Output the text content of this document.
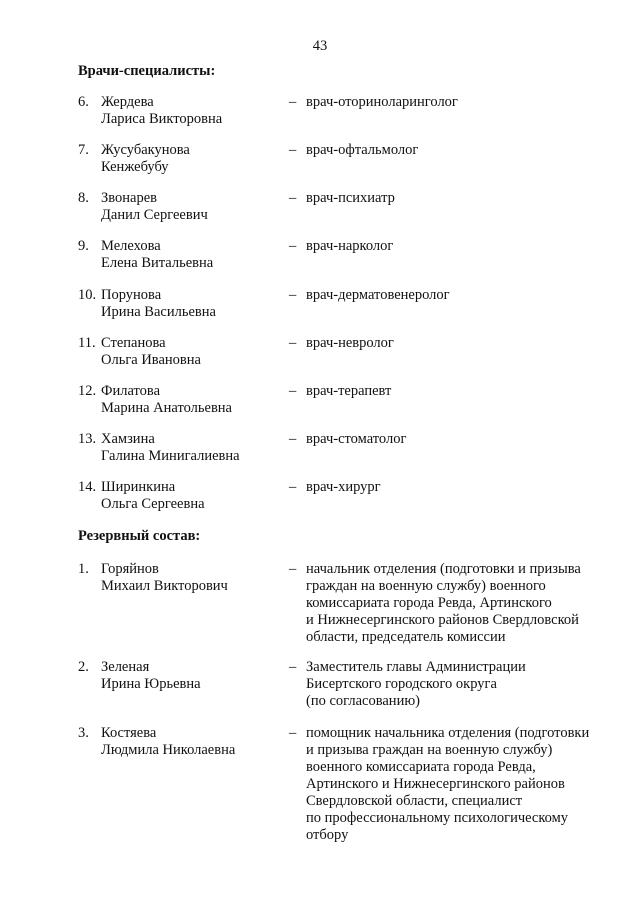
43
Врачи-специалисты:
6. Жердева
Лариса Викторовна
– врач-оториноларинголог
7. Жусубакунова
Кенжебубу
– врач-офтальмолог
8. Звонарев
Данил Сергеевич
– врач-психиатр
9. Мелехова
Елена Витальевна
– врач-нарколог
10. Порунова
Ирина Васильевна
– врач-дерматовенеролог
11. Степанова
Ольга Ивановна
– врач-невролог
12. Филатова
Марина Анатольевна
– врач-терапевт
13. Хамзина
Галина Минигалиевна
– врач-стоматолог
14. Ширинкина
Ольга Сергеевна
– врач-хирург
Резервный состав:
1. Горяйнов
Михаил Викторович
– начальник отделения (подготовки и призыва
граждан на военную службу) военного
комиссариата города Ревда, Артинского
и Нижнесергинского районов Свердловской
области, председатель комиссии
2. Зеленая
Ирина Юрьевна
– Заместитель главы Администрации
Бисертского городского округа
(по согласованию)
3. Костяева
Людмила Николаевна
– помощник начальника отделения (подготовки
и призыва граждан на военную службу)
военного комиссариата города Ревда,
Артинского и Нижнесергинского районов
Свердловской области, специалист
по профессиональному психологическому
отбору
